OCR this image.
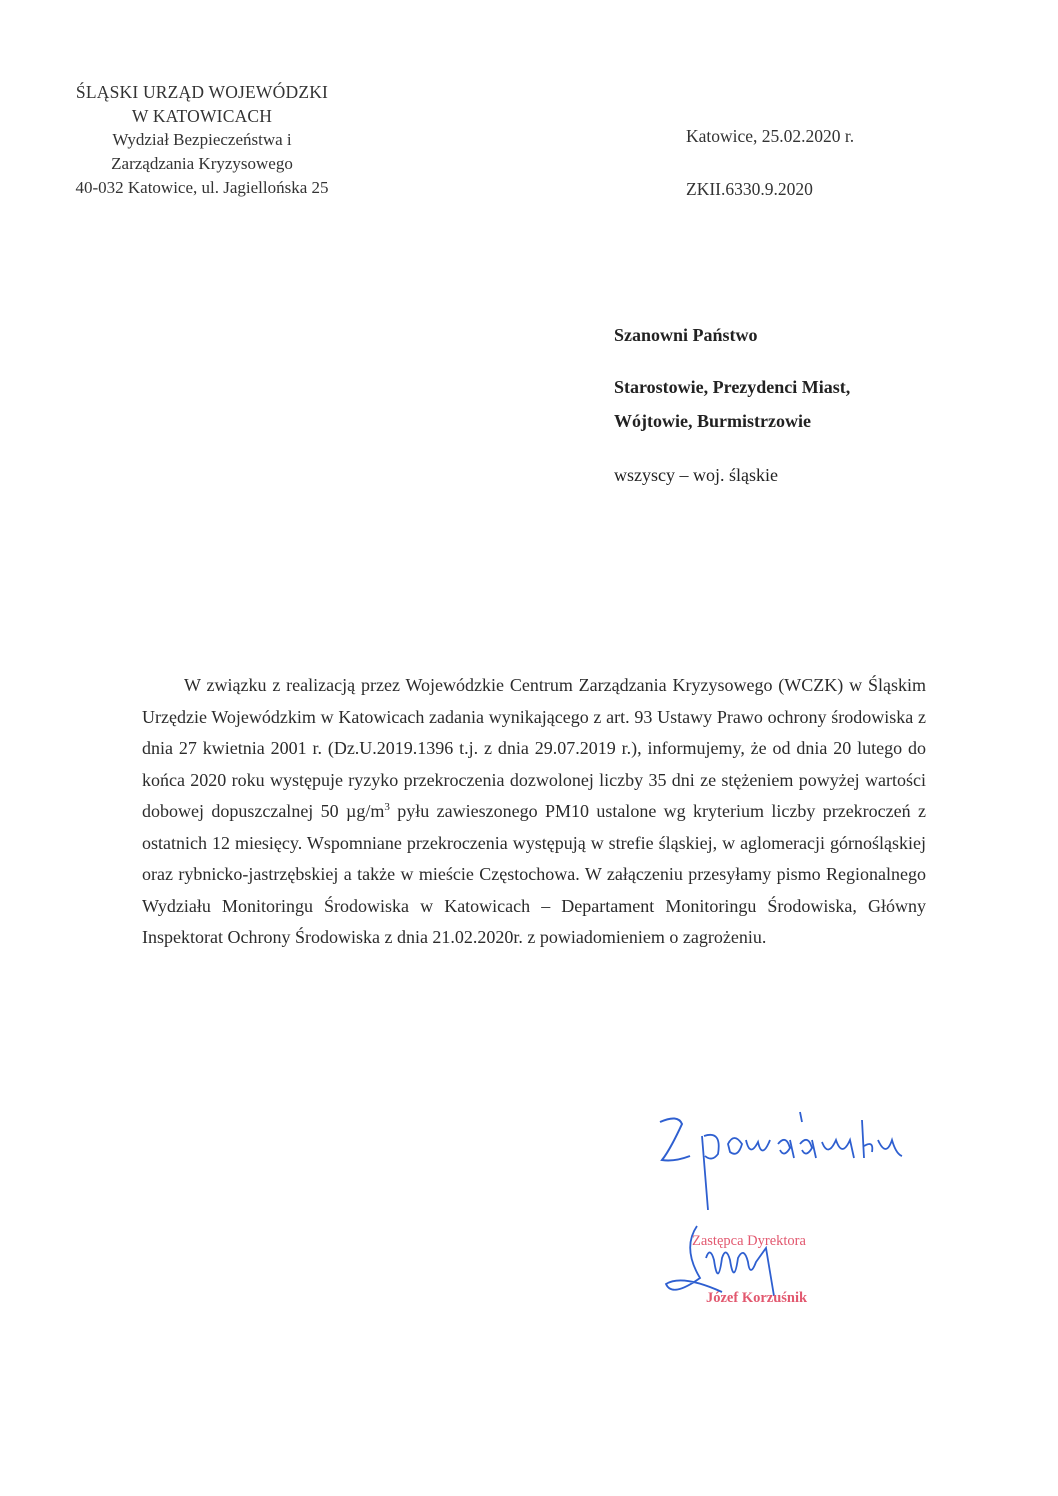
ŚLĄSKI URZĄD WOJEWÓDZKI
W KATOWICACH
Wydział Bezpieczeństwa i
Zarządzania Kryzysowego
40-032 Katowice, ul. Jagiellońska 25
Katowice, 25.02.2020 r.
ZKII.6330.9.2020
Szanowni Państwo
Starostowie, Prezydenci Miast,
Wójtowie, Burmistrzowie
wszyscy – woj. śląskie

W związku z realizacją przez Wojewódzkie Centrum Zarządzania Kryzysowego (WCZK) w Śląskim Urzędzie Wojewódzkim w Katowicach zadania wynikającego z art. 93 Ustawy Prawo ochrony środowiska z dnia 27 kwietnia 2001 r. (Dz.U.2019.1396 t.j. z dnia 29.07.2019 r.), informujemy, że od dnia 20 lutego do końca 2020 roku występuje ryzyko przekroczenia dozwolonej liczby 35 dni ze stężeniem powyżej wartości dobowej dopuszczalnej 50 $\mu g/m^3$ pyłu zawieszonego PM10 ustalone wg kryterium liczby przekroczeń z ostatnich 12 miesięcy. Wspomniane przekroczenia występują w strefie śląskiej, w aglomeracji górnośląskiej oraz rybnicko-jastrzębskiej a także w mieście Częstochowa. W załączeniu przesyłamy pismo Regionalnego Wydziału Monitoringu Środowiska w Katowicach – Departament Monitoringu Środowiska, Główny Inspektorat Ochrony Środowiska z dnia 21.02.2020r. z powiadomieniem o zagrożeniu.

Zastępca Dyrektora
Józef Korzuśnik
